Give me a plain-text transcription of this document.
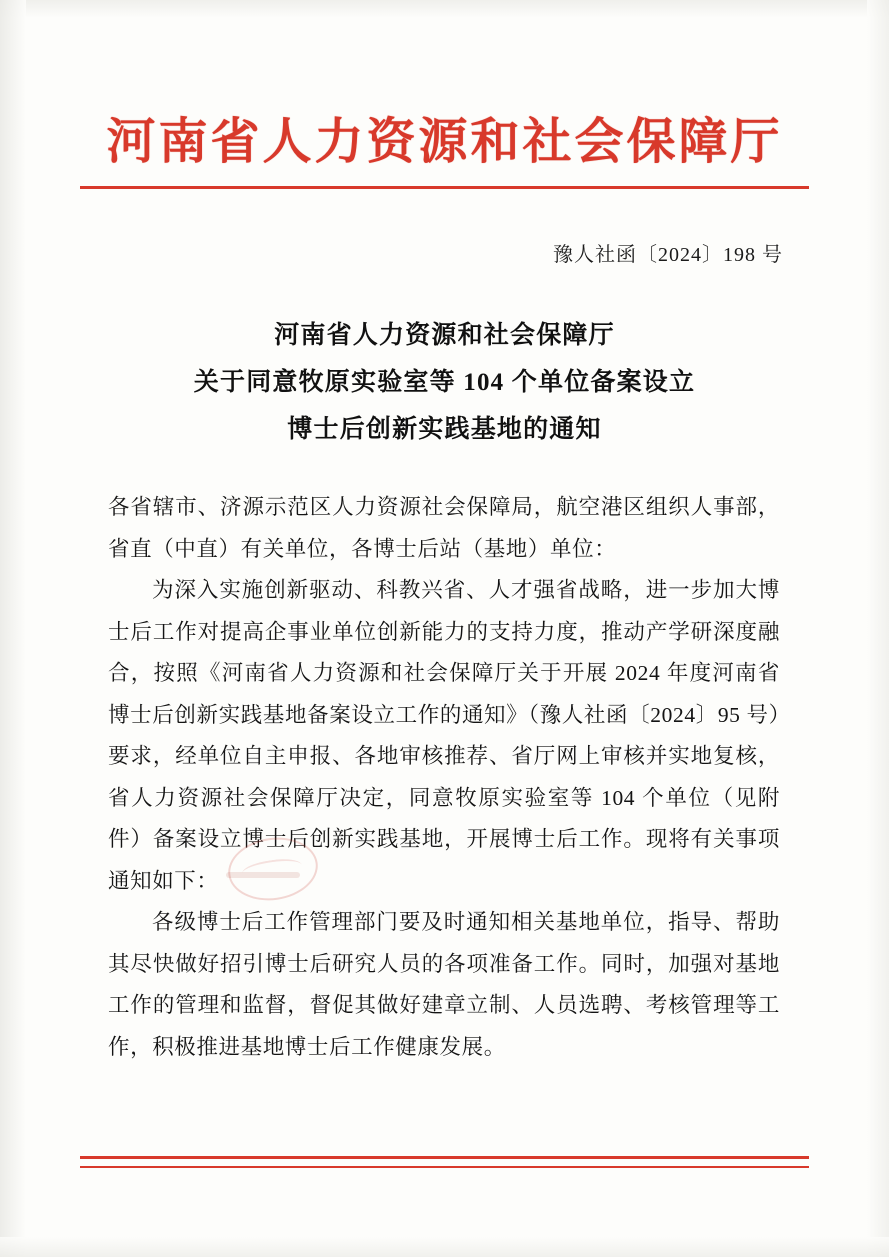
河南省人力资源和社会保障厅
豫人社函〔2024〕198 号
河南省人力资源和社会保障厅
关于同意牧原实验室等 104 个单位备案设立
博士后创新实践基地的通知

各省辖市、济源示范区人力资源社会保障局，航空港区组织人事部，省直（中直）有关单位，各博士后站（基地）单位：

为深入实施创新驱动、科教兴省、人才强省战略，进一步加大博士后工作对提高企事业单位创新能力的支持力度，推动产学研深度融合，按照《河南省人力资源和社会保障厅关于开展 2024 年度河南省博士后创新实践基地备案设立工作的通知》（豫人社函〔2024〕95 号）要求，经单位自主申报、各地审核推荐、省厅网上审核并实地复核，省人力资源社会保障厅决定，同意牧原实验室等 104 个单位（见附件）备案设立博士后创新实践基地，开展博士后工作。现将有关事项通知如下：

各级博士后工作管理部门要及时通知相关基地单位，指导、帮助其尽快做好招引博士后研究人员的各项准备工作。同时，加强对基地工作的管理和监督，督促其做好建章立制、人员选聘、考核管理等工作，积极推进基地博士后工作健康发展。
